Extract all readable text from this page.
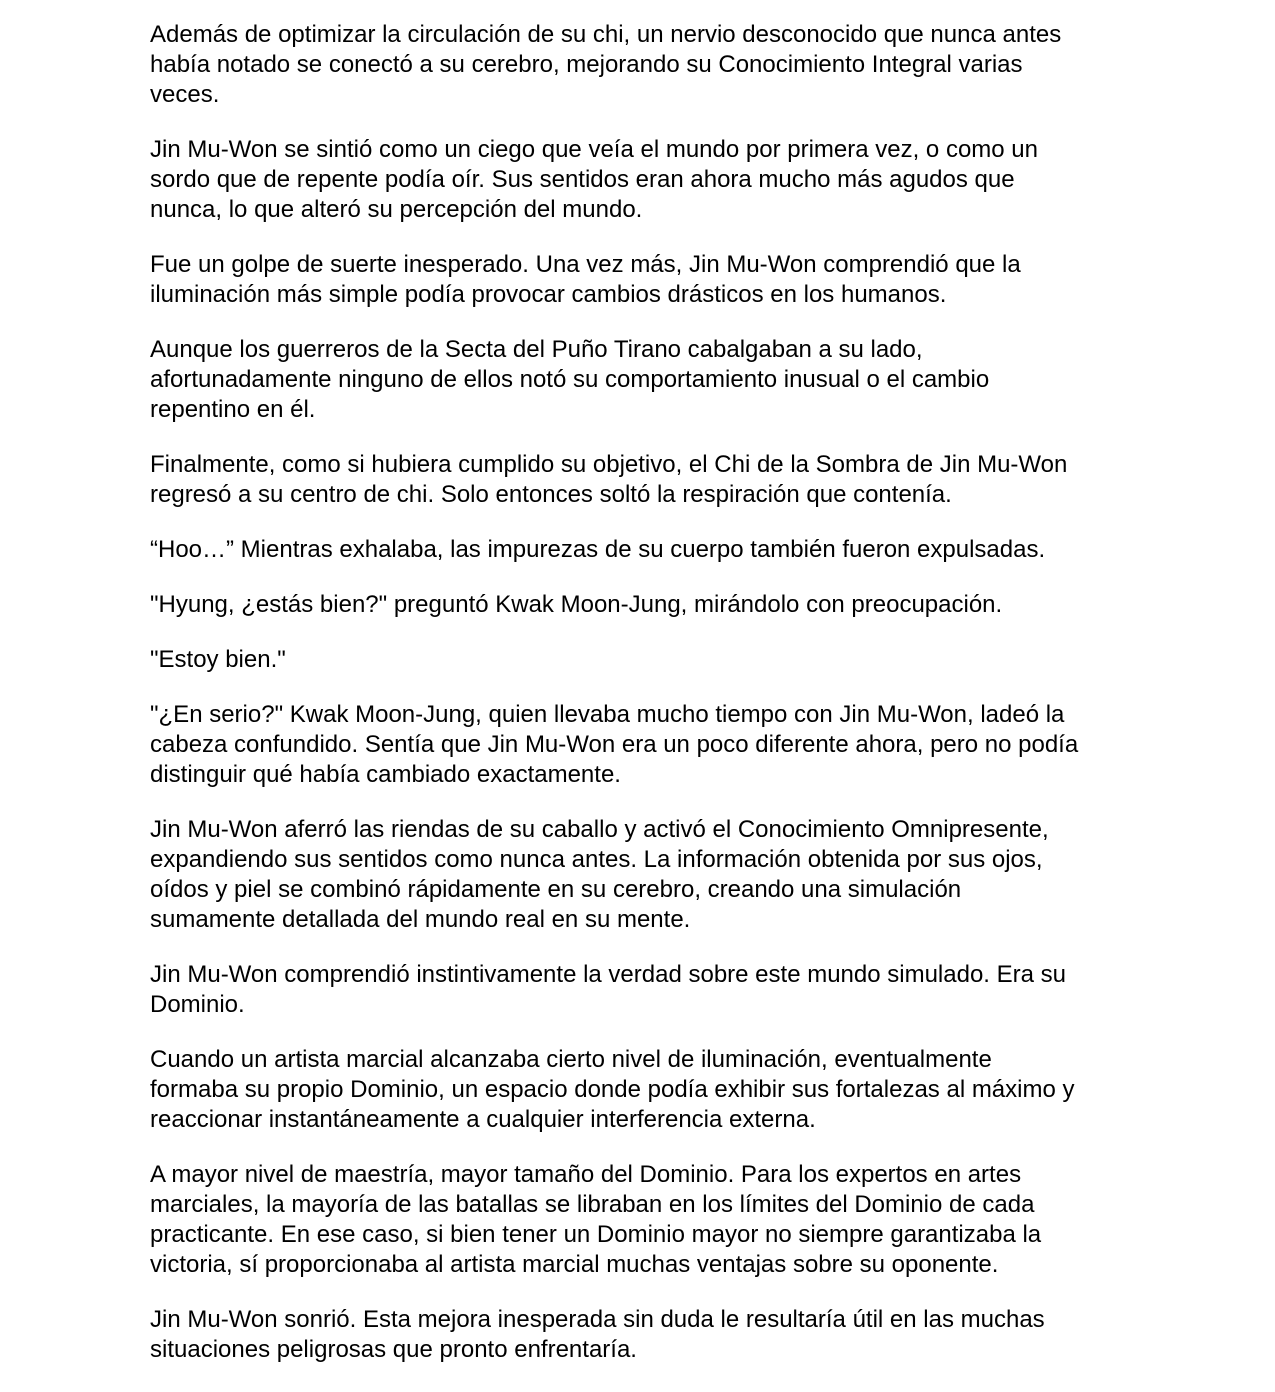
Además de optimizar la circulación de su chi, un nervio desconocido que nunca antes
había notado se conectó a su cerebro, mejorando su Conocimiento Integral varias
veces.

Jin Mu-Won se sintió como un ciego que veía el mundo por primera vez, o como un
sordo que de repente podía oír. Sus sentidos eran ahora mucho más agudos que
nunca, lo que alteró su percepción del mundo.

Fue un golpe de suerte inesperado. Una vez más, Jin Mu-Won comprendió que la
iluminación más simple podía provocar cambios drásticos en los humanos.

Aunque los guerreros de la Secta del Puño Tirano cabalgaban a su lado,
afortunadamente ninguno de ellos notó su comportamiento inusual o el cambio
repentino en él.

Finalmente, como si hubiera cumplido su objetivo, el Chi de la Sombra de Jin Mu-Won
regresó a su centro de chi. Solo entonces soltó la respiración que contenía.

“Hoo…” Mientras exhalaba, las impurezas de su cuerpo también fueron expulsadas.

"Hyung, ¿estás bien?" preguntó Kwak Moon-Jung, mirándolo con preocupación.

"Estoy bien."

"¿En serio?" Kwak Moon-Jung, quien llevaba mucho tiempo con Jin Mu-Won, ladeó la
cabeza confundido. Sentía que Jin Mu-Won era un poco diferente ahora, pero no podía
distinguir qué había cambiado exactamente.

Jin Mu-Won aferró las riendas de su caballo y activó el Conocimiento Omnipresente,
expandiendo sus sentidos como nunca antes. La información obtenida por sus ojos,
oídos y piel se combinó rápidamente en su cerebro, creando una simulación
sumamente detallada del mundo real en su mente.

Jin Mu-Won comprendió instintivamente la verdad sobre este mundo simulado. Era su
Dominio.

Cuando un artista marcial alcanzaba cierto nivel de iluminación, eventualmente
formaba su propio Dominio, un espacio donde podía exhibir sus fortalezas al máximo y
reaccionar instantáneamente a cualquier interferencia externa.

A mayor nivel de maestría, mayor tamaño del Dominio. Para los expertos en artes
marciales, la mayoría de las batallas se libraban en los límites del Dominio de cada
practicante. En ese caso, si bien tener un Dominio mayor no siempre garantizaba la
victoria, sí proporcionaba al artista marcial muchas ventajas sobre su oponente.

Jin Mu-Won sonrió. Esta mejora inesperada sin duda le resultaría útil en las muchas
situaciones peligrosas que pronto enfrentaría.
